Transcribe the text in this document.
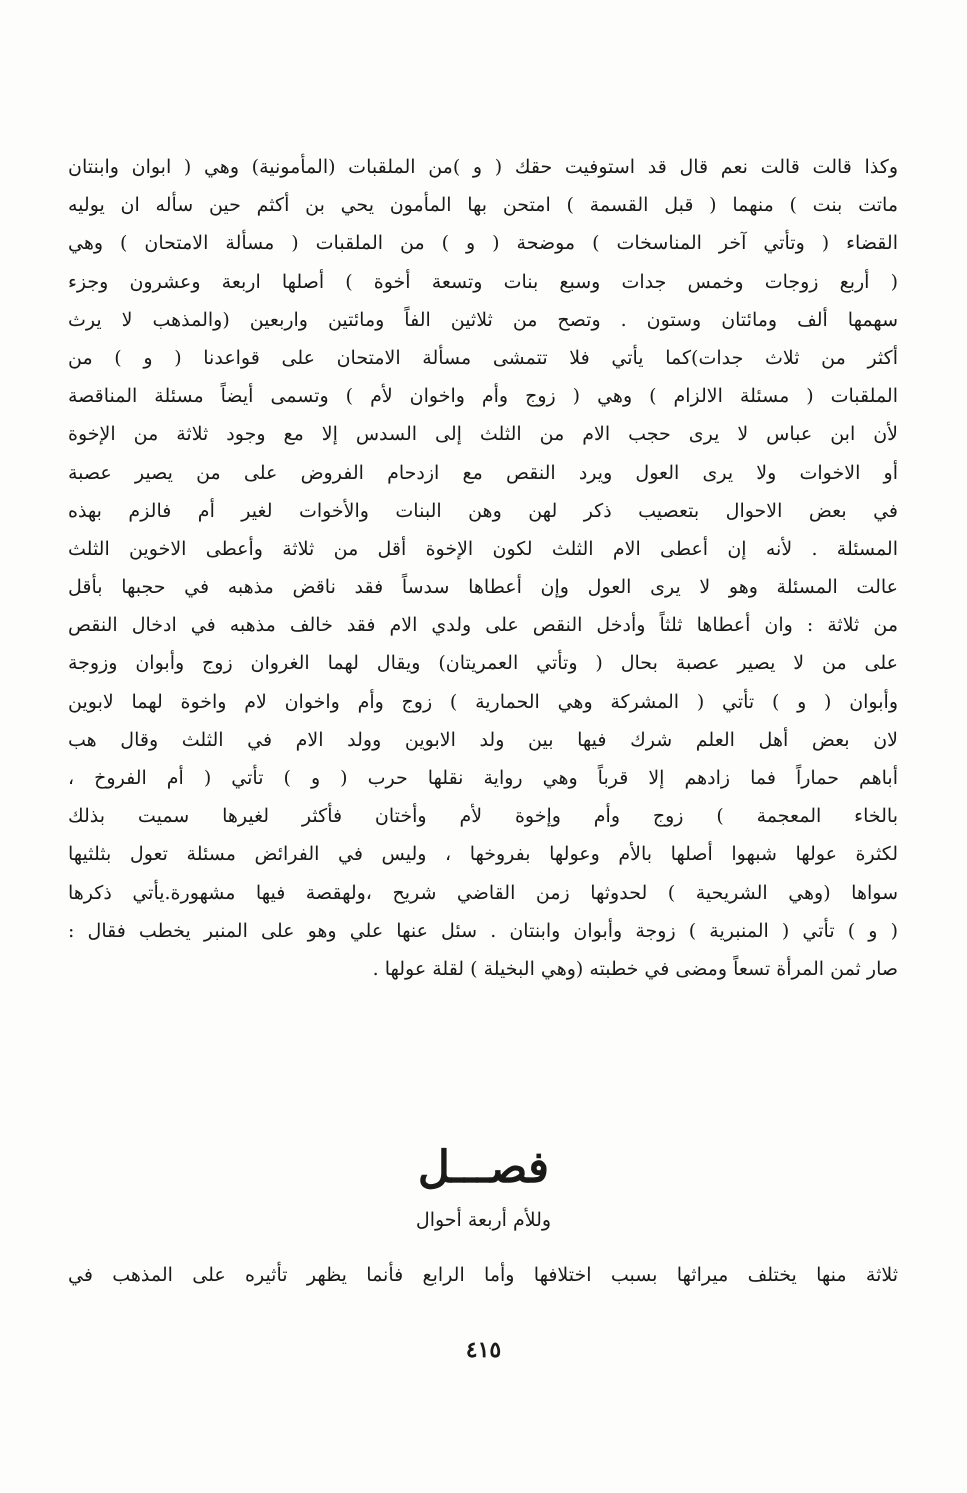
وكذا قالت قالت نعم قال قد استوفيت حقك ( و )من الملقبات (المأمونية) وهي ( ابوان وابنتان
ماتت بنت ) منهما ( قبل القسمة ) امتحن بها المأمون يحي بن أكثم حين سأله ان يوليه
القضاء ( وتأتي آخر المناسخات ) موضحة ( و ) من الملقبات ( مسألة الامتحان ) وهي
( أربع زوجات وخمس جدات وسبع بنات وتسعة أخوة ) أصلها اربعة وعشرون وجزء
سهمها ألف ومائتان وستون . وتصح من ثلاثين الفاً ومائتين واربعين (والمذهب لا يرث
أكثر من ثلاث جدات)كما يأتي فلا تتمشى مسألة الامتحان على قواعدنا ( و ) من
الملقبات ( مسئلة الالزام ) وهي ( زوج وأم واخوان لأم ) وتسمى أيضاً مسئلة المناقصة
لأن ابن عباس لا يرى حجب الام من الثلث إلى السدس إلا مع وجود ثلاثة من الإخوة
أو الاخوات ولا يرى العول ويرد النقص مع ازدحام الفروض على من يصير عصبة
في بعض الاحوال بتعصيب ذكر لهن وهن البنات والأخوات لغير أم فالزم بهذه
المسئلة . لأنه إن أعطى الام الثلث لكون الإخوة أقل من ثلاثة وأعطى الاخوين الثلث
عالت المسئلة وهو لا يرى العول وإن أعطاها سدساً فقد ناقض مذهبه في حجبها بأقل
من ثلاثة : وان أعطاها ثلثاً وأدخل النقص على ولدي الام فقد خالف مذهبه في ادخال النقص
على من لا يصير عصبة بحال ( وتأتي العمريتان) ويقال لهما الغروان زوج وأبوان وزوجة
وأبوان ( و ) تأتي ( المشركة وهي الحمارية ) زوج وأم واخوان لام واخوة لهما لابوين
لان بعض أهل العلم شرك فيها بين ولد الابوين وولد الام في الثلث وقال هب
أباهم حماراً فما زادهم إلا قرباً وهي رواية نقلها حرب ( و ) تأتي ( أم الفروخ ،
بالخاء المعجمة ) زوج وأم وإخوة لأم وأختان فأكثر لغيرها سميت بذلك
لكثرة عولها شبهوا أصلها بالأم وعولها بفروخها ، وليس في الفرائض مسئلة تعول بثلثيها
سواها (وهي الشريحية ) لحدوثها زمن القاضي شريح ،ولهقصة فيها مشهورة.يأتي ذكرها
( و ) تأتي ( المنبرية ) زوجة وأبوان وابنتان . سئل عنها علي وهو على المنبر يخطب فقال :
صار ثمن المرأة تسعاً ومضى في خطبته (وهي البخيلة ) لقلة عولها .
فصـــل
وللأم أربعة أحوال
ثلاثة منها يختلف ميراثها بسبب اختلافها وأما الرابع فأنما يظهر تأثيره على المذهب في
٤١٥
